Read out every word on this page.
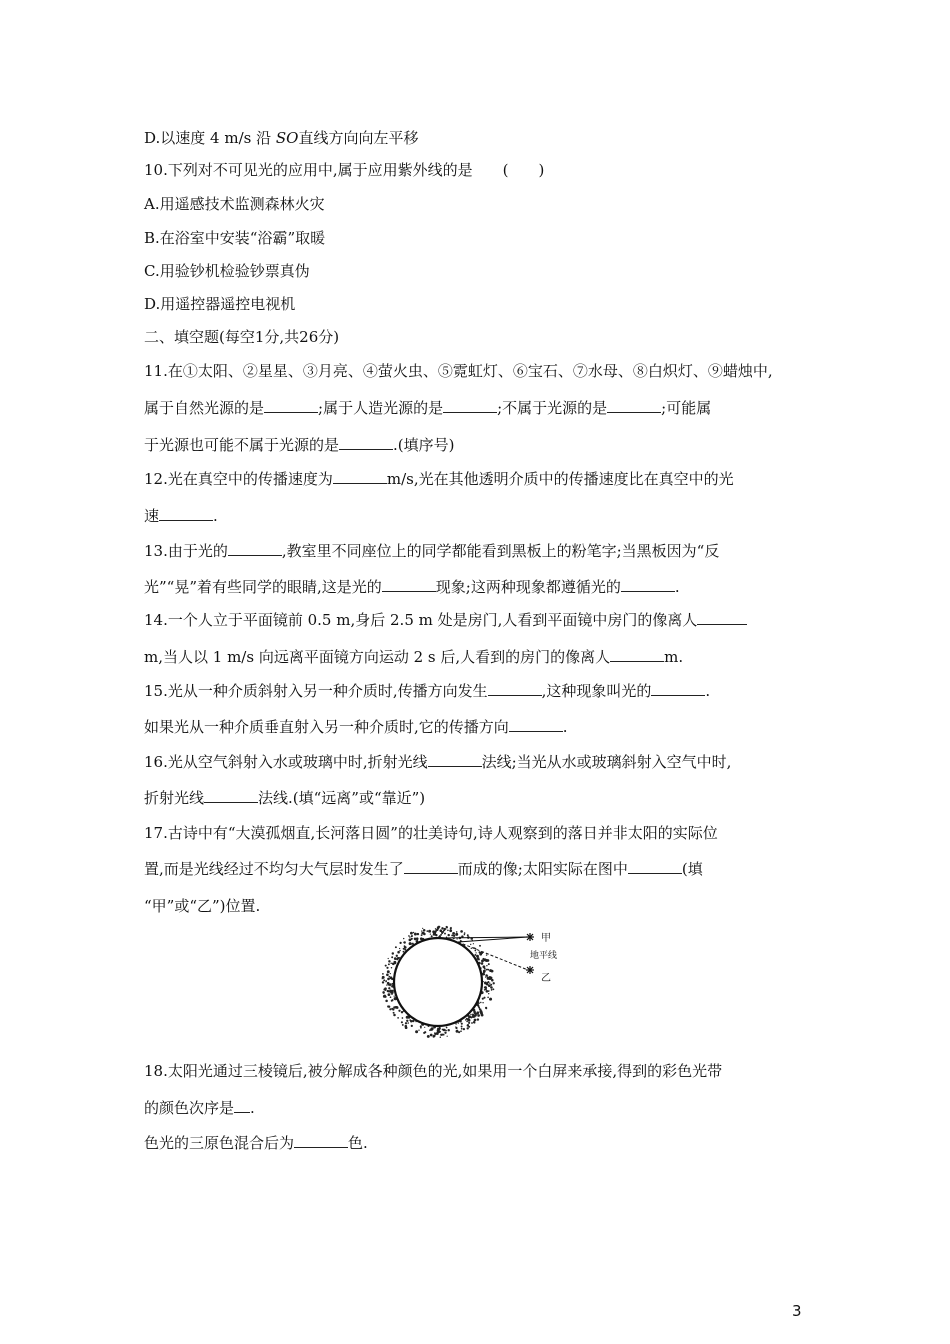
D.以速度 4 m/s 沿 SO直线方向向左平移
10.下列对不可见光的应用中,属于应用紫外线的是　　(　　)
A.用遥感技术监测森林火灾
B.在浴室中安装“浴霸”取暖
C.用验钞机检验钞票真伪
D.用遥控器遥控电视机
二、填空题(每空1分,共26分)
11.在①太阳、②星星、③月亮、④萤火虫、⑤霓虹灯、⑥宝石、⑦水母、⑧白炽灯、⑨蜡烛中,
属于自然光源的是	;属于人造光源的是	;不属于光源的是	;可能属
于光源也可能不属于光源的是	.(填序号)
12.光在真空中的传播速度为	m/s,光在其他透明介质中的传播速度比在真空中的光
速	.
13.由于光的	,教室里不同座位上的同学都能看到黑板上的粉笔字;当黑板因为“反
光”“晃”着有些同学的眼睛,这是光的	现象;这两种现象都遵循光的	.
14.一个人立于平面镜前 0.5 m,身后 2.5 m 处是房门,人看到平面镜中房门的像离人
m,当人以 1 m/s 向远离平面镜方向运动 2 s 后,人看到的房门的像离人	m.
15.光从一种介质斜射入另一种介质时,传播方向发生	,这种现象叫光的	.
如果光从一种介质垂直射入另一种介质时,它的传播方向	.
16.光从空气斜射入水或玻璃中时,折射光线	法线;当光从水或玻璃斜射入空气中时,
折射光线	法线.(填“远离”或“靠近”)
17.古诗中有“大漠孤烟直,长河落日圆”的壮美诗句,诗人观察到的落日并非太阳的实际位
置,而是光线经过不均匀大气层时发生了	而成的像;太阳实际在图中	(填
“甲”或“乙”)位置.
甲
地平线
乙
18.太阳光通过三棱镜后,被分解成各种颜色的光,如果用一个白屏来承接,得到的彩色光带
的颜色次序是 .
色光的三原色混合后为	色.
3
